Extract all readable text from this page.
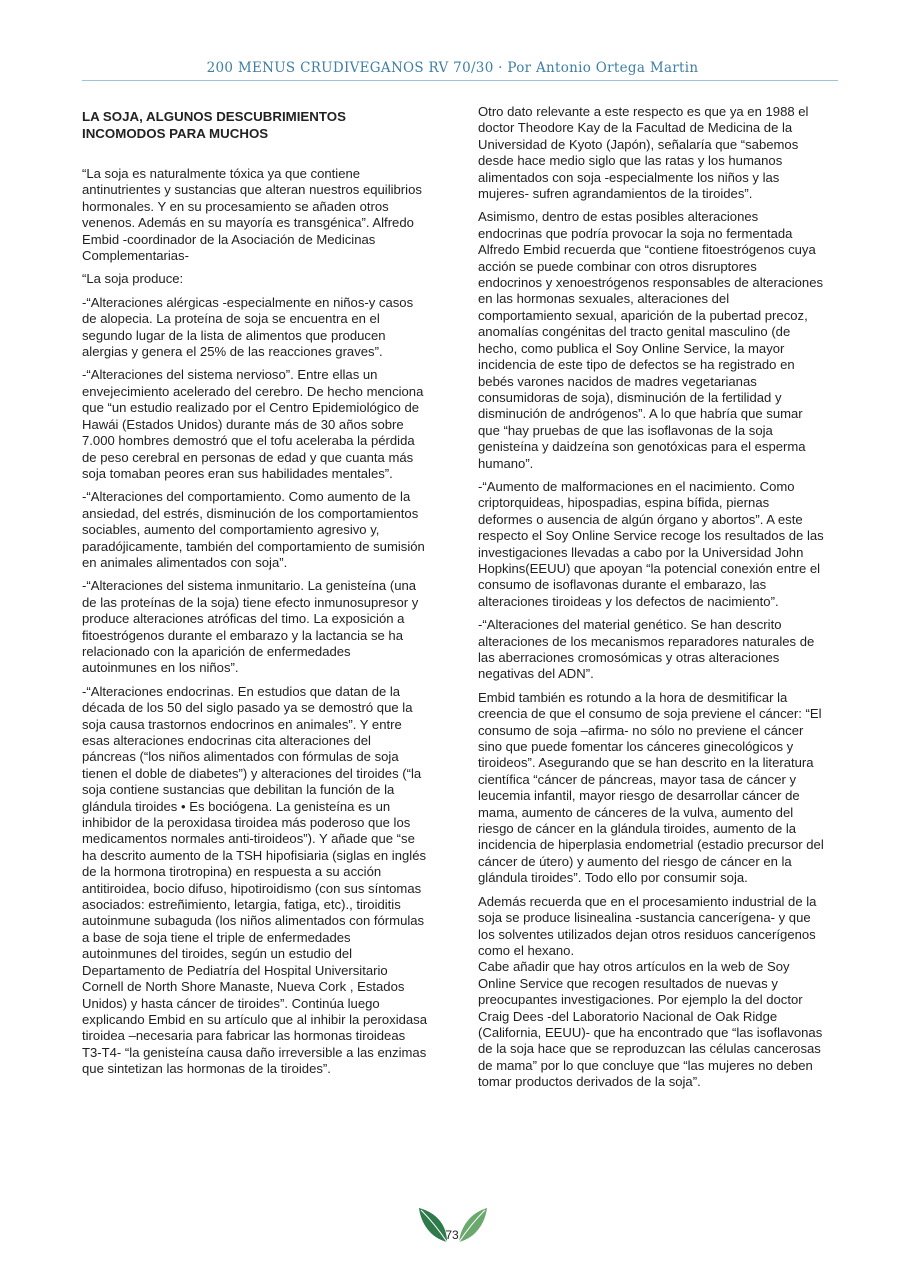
200 MENUS CRUDIVEGANOS RV 70/30 · Por Antonio Ortega Martin
LA SOJA, ALGUNOS DESCUBRIMIENTOS INCOMODOS PARA MUCHOS

“La soja es naturalmente tóxica ya que contiene antinutrientes y sustancias que alteran nuestros equilibrios hormonales. Y en su procesamiento se añaden otros venenos. Además en su mayoría es transgénica”. Alfredo Embid -coordinador de la Asociación de Medicinas Complementarias-

“La soja produce:

-“Alteraciones alérgicas -especialmente en niños-y casos de alopecia. La proteína de soja se encuentra en el segundo lugar de la lista de alimentos que producen alergias y genera el 25% de las reacciones graves”.

-“Alteraciones del sistema nervioso”. Entre ellas un envejecimiento acelerado del cerebro. De hecho menciona que “un estudio realizado por el Centro Epidemiológico de Hawái (Estados Unidos) durante más de 30 años sobre 7.000 hombres demostró que el tofu aceleraba la pérdida de peso cerebral en personas de edad y que cuanta más soja tomaban peores eran sus habilidades mentales”.

-“Alteraciones del comportamiento. Como aumento de la ansiedad, del estrés, disminución de los comportamientos sociables, aumento del comportamiento agresivo y, paradójicamente, también del comportamiento de sumisión en animales alimentados con soja”.

-“Alteraciones del sistema inmunitario. La genisteína (una de las proteínas de la soja) tiene efecto inmunosupresor y produce alteraciones atróficas del timo. La exposición a fitoestrógenos durante el embarazo y la lactancia se ha relacionado con la aparición de enfermedades autoinmunes en los niños”.

-“Alteraciones endocrinas. En estudios que datan de la década de los 50 del siglo pasado ya se demostró que la soja causa trastornos endocrinos en animales”. Y entre esas alteraciones endocrinas cita alteraciones del páncreas (“los niños alimentados con fórmulas de soja tienen el doble de diabetes”) y alteraciones del tiroides (“la soja contiene sustancias que debilitan la función de la glándula tiroides • Es bociógena. La genisteína es un inhibidor de la peroxidasa tiroidea más poderoso que los medicamentos normales anti-tiroideos”). Y añade que “se ha descrito aumento de la TSH hipofisiaria (siglas en inglés de la hormona tirotropina) en respuesta a su acción antitiroidea, bocio difuso, hipotiroidismo (con sus síntomas asociados: estreñimiento, letargia, fatiga, etc)., tiroiditis autoinmune subaguda (los niños alimentados con fórmulas a base de soja tiene el triple de enfermedades autoinmunes del tiroides, según un estudio del Departamento de Pediatría del Hospital Universitario Cornell de North Shore Manaste, Nueva Cork , Estados Unidos) y hasta cáncer de tiroides”. Continúa luego explicando Embid en su artículo que al inhibir la peroxidasa tiroidea –necesaria para fabricar las hormonas tiroideas T3-T4- “la genisteína causa daño irreversible a las enzimas que sintetizan las hormonas de la tiroides”.

Otro dato relevante a este respecto es que ya en 1988 el doctor Theodore Kay de la Facultad de Medicina de la Universidad de Kyoto (Japón), señalaría que “sabemos desde hace medio siglo que las ratas y los humanos alimentados con soja -especialmente los niños y las mujeres- sufren agrandamientos de la tiroides”.

Asimismo, dentro de estas posibles alteraciones endocrinas que podría provocar la soja no fermentada Alfredo Embid recuerda que “contiene fitoestrógenos cuya acción se puede combinar con otros disruptores endocrinos y xenoestrógenos responsables de alteraciones en las hormonas sexuales, alteraciones del comportamiento sexual, aparición de la pubertad precoz, anomalías congénitas del tracto genital masculino (de hecho, como publica el Soy Online Service, la mayor incidencia de este tipo de defectos se ha registrado en bebés varones nacidos de madres vegetarianas consumidoras de soja), disminución de la fertilidad y disminución de andrógenos”. A lo que habría que sumar que “hay pruebas de que las isoflavonas de la soja genisteína y daidzeína son genotóxicas para el esperma humano”.

-“Aumento de malformaciones en el nacimiento. Como criptorquideas, hipospadias, espina bífida, piernas deformes o ausencia de algún órgano y abortos”. A este respecto el Soy Online Service recoge los resultados de las investigaciones llevadas a cabo por la Universidad John Hopkins(EEUU) que apoyan “la potencial conexión entre el consumo de isoflavonas durante el embarazo, las alteraciones tiroideas y los defectos de nacimiento”.

-“Alteraciones del material genético. Se han descrito alteraciones de los mecanismos reparadores naturales de las aberraciones cromosómicas y otras alteraciones negativas del ADN”.

Embid también es rotundo a la hora de desmitificar la creencia de que el consumo de soja previene el cáncer: “El consumo de soja –afirma- no sólo no previene el cáncer sino que puede fomentar los cánceres ginecológicos y tiroideos”. Asegurando que se han descrito en la literatura científica “cáncer de páncreas, mayor tasa de cáncer y leucemia infantil, mayor riesgo de desarrollar cáncer de mama, aumento de cánceres de la vulva, aumento del riesgo de cáncer en la glándula tiroides, aumento de la incidencia de hiperplasia endometrial (estadio precursor del cáncer de útero) y aumento del riesgo de cáncer en la glándula tiroides”. Todo ello por consumir soja.

Además recuerda que en el procesamiento industrial de la soja se produce lisinealina -sustancia cancerígena- y que los solventes utilizados dejan otros residuos cancerígenos como el hexano.
Cabe añadir que hay otros artículos en la web de Soy Online Service que recogen resultados de nuevas y preocupantes investigaciones. Por ejemplo la del doctor Craig Dees -del Laboratorio Nacional de Oak Ridge (California, EEUU)- que ha encontrado que “las isoflavonas de la soja hace que se reproduzcan las células cancerosas de mama” por lo que concluye que “las mujeres no deben tomar productos derivados de la soja”.

73
